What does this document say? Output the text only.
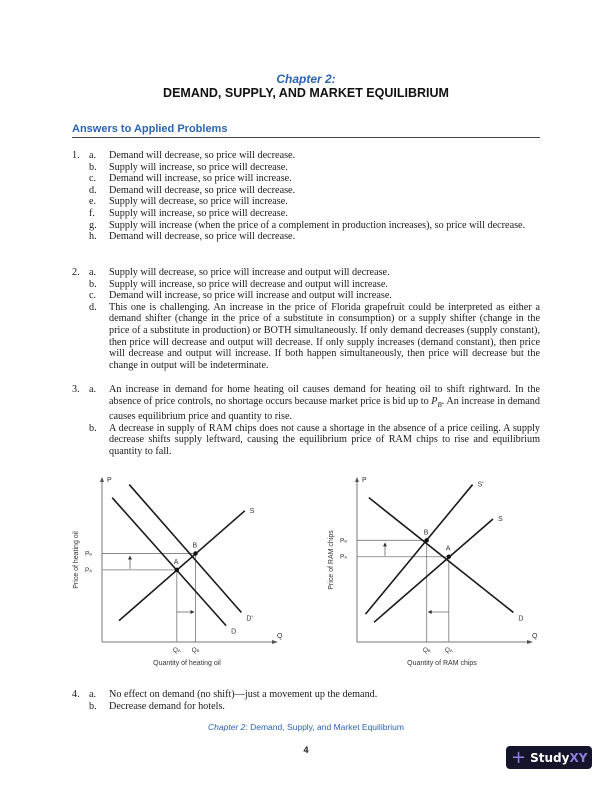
Chapter 2:
DEMAND, SUPPLY, AND MARKET EQUILIBRIUM
Answers to Applied Problems
1. a.	Demand will decrease, so price will decrease.
b.	Supply will increase, so price will decrease.
c.	Demand will increase, so price will increase.
d.	Demand will decrease, so price will decrease.
e.	Supply will decrease, so price will increase.
f.	Supply will increase, so price will decrease.
g.	Supply will increase (when the price of a complement in production increases), so price will decrease.
h.	Demand will decrease, so price will decrease.
2. a.	Supply will decrease, so price will increase and output will decrease.
b.	Supply will increase, so price will decrease and output will increase.
c.	Demand will increase, so price will increase and output will increase.
d.	This one is challenging. An increase in the price of Florida grapefruit could be interpreted as either a demand shifter (change in the price of a substitute in consumption) or a supply shifter (change in the price of a substitute in production) or BOTH simultaneously. If only demand decreases (supply constant), then price will decrease and output will decrease. If only supply increases (demand constant), then price will decrease and output will increase. If both happen simultaneously, then price will decrease but the change in output will be indeterminate.
3. a.	An increase in demand for home heating oil causes demand for heating oil to shift rightward. In the absence of price controls, no shortage occurs because market price is bid up to $P_B$. An increase in demand causes equilibrium price and quantity to rise.
b.	A decrease in supply of RAM chips does not cause a shortage in the absence of a price ceiling. A supply decrease shifts supply leftward, causing the equilibrium price of RAM chips to rise and equilibrium quantity to fall.
P
Q
Quantity of heating oil
Price of heating oil PA
QA
PB
QB
S
D
D'
A
B
P
Q
Quantity of RAM chips
Price of RAM chips PB
QB
PA
QA
S'
S
D
B
A
4. a.	No effect on demand (no shift)—just a movement up the demand.
b.	Decrease demand for hotels.
Chapter 2: Demand, Supply, and Market Equilibrium
4	+ Study XY
